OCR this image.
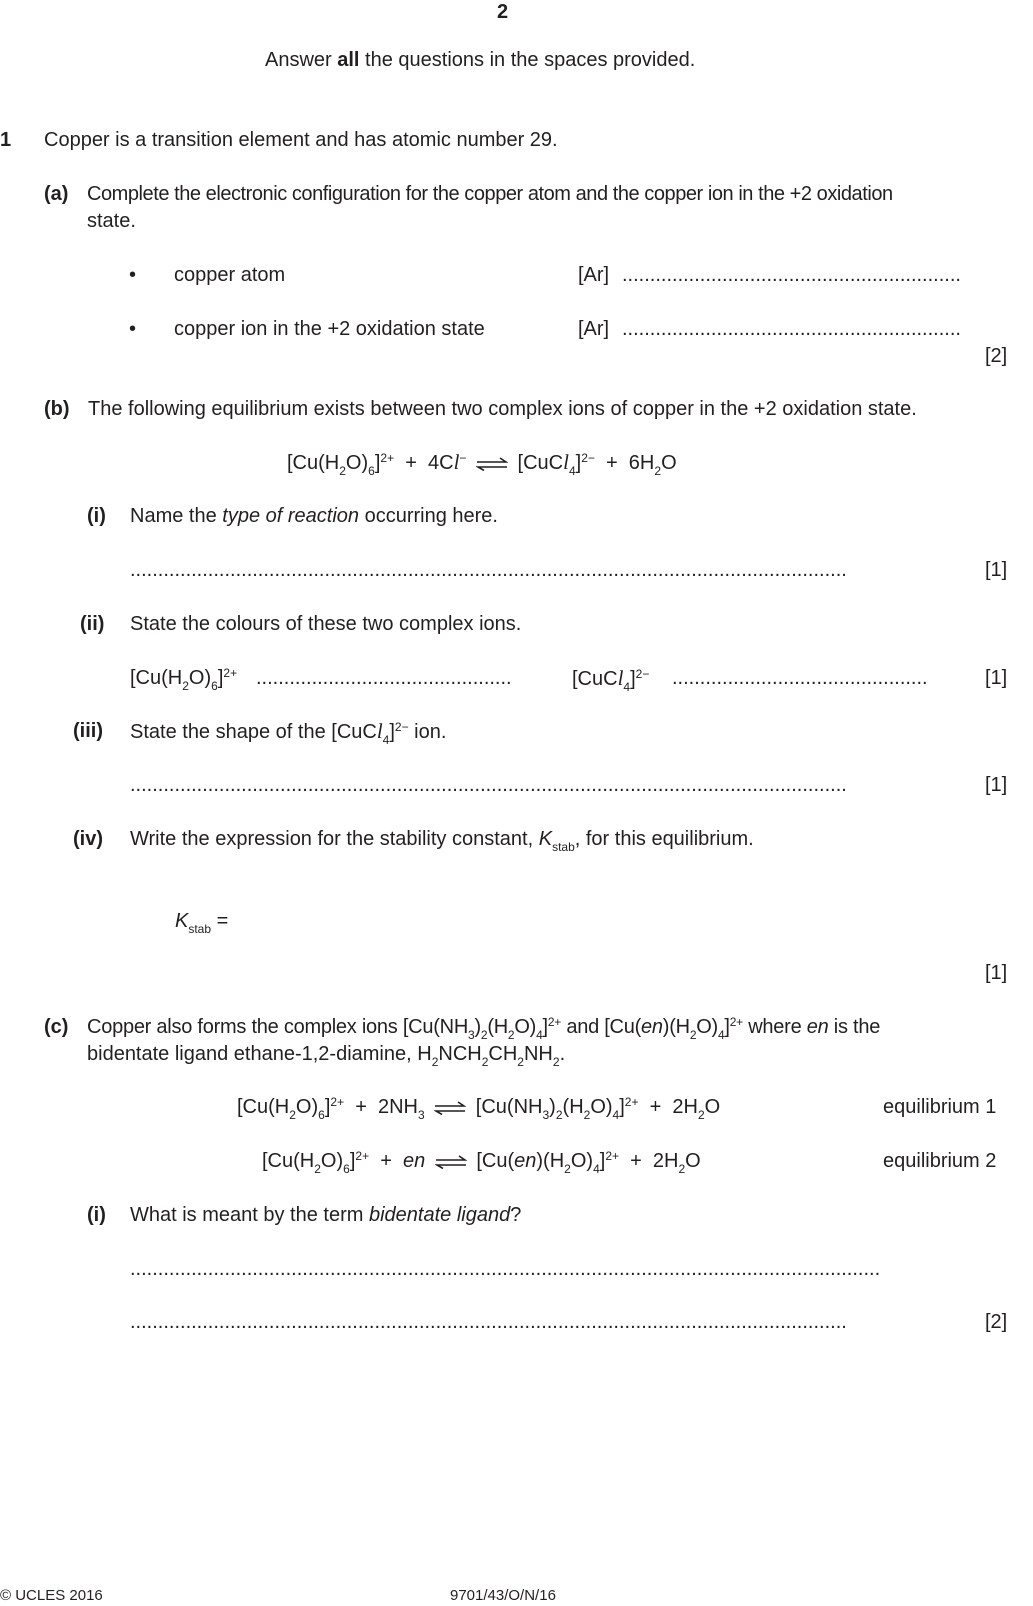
2
Answer all the questions in the spaces provided.
1 Copper is a transition element and has atomic number 29.
(a) Complete the electronic configuration for the copper atom and the copper ion in the +2 oxidation
state.
• copper atom	[Ar] .............................................................
• copper ion in the +2 oxidation state	[Ar] .............................................................
[2]
(b) The following equilibrium exists between two complex ions of copper in the +2 oxidation state.
$[Cu(H_2O)_6]^{2+} + 4Cl^-$ ⇌ [CuCl$_4$]$^{2-}$  +  $6H_2O$
(i) Name the type of reaction occurring here.
.................................................................................................................................	[1]
(ii) State the colours of these two complex ions.
$[Cu(H_2O)_6]^{2+}$ ..............................................	[CuCl$_4$]$^{2-}$ ..............................................	[1]
(iii) State the shape of the [CuCl$_4$]$^{2-}$ ion.
.................................................................................................................................	[1]
(iv) Write the expression for the stability constant, $K_{stab}$, for this equilibrium.
$K_{stab}$ =
[1]
(c) Copper also forms the complex ions $[Cu(NH_3)_2(H_2O)_4]^{2+}$ and $[Cu(en)(H_2O)_4]^{2+}$ where en is the
bidentate ligand ethane-1,2-diamine, $H_2NCH_2CH_2NH_2$.
$[Cu(H_2O)_6]^{2+} + 2NH_3$ ⇌ $[Cu(NH_3)_2(H_2O)_4]^{2+} + 2H_2O$	equilibrium 1
$[Cu(H_2O)_6]^{2+}$  +  en ⇌ $[Cu(en)(H_2O)_4]^{2+} + 2H_2O$	equilibrium 2
(i) What is meant by the term bidentate ligand?
.......................................................................................................................................
.................................................................................................................................	[2]
© UCLES 2016	9701/43/O/N/16
